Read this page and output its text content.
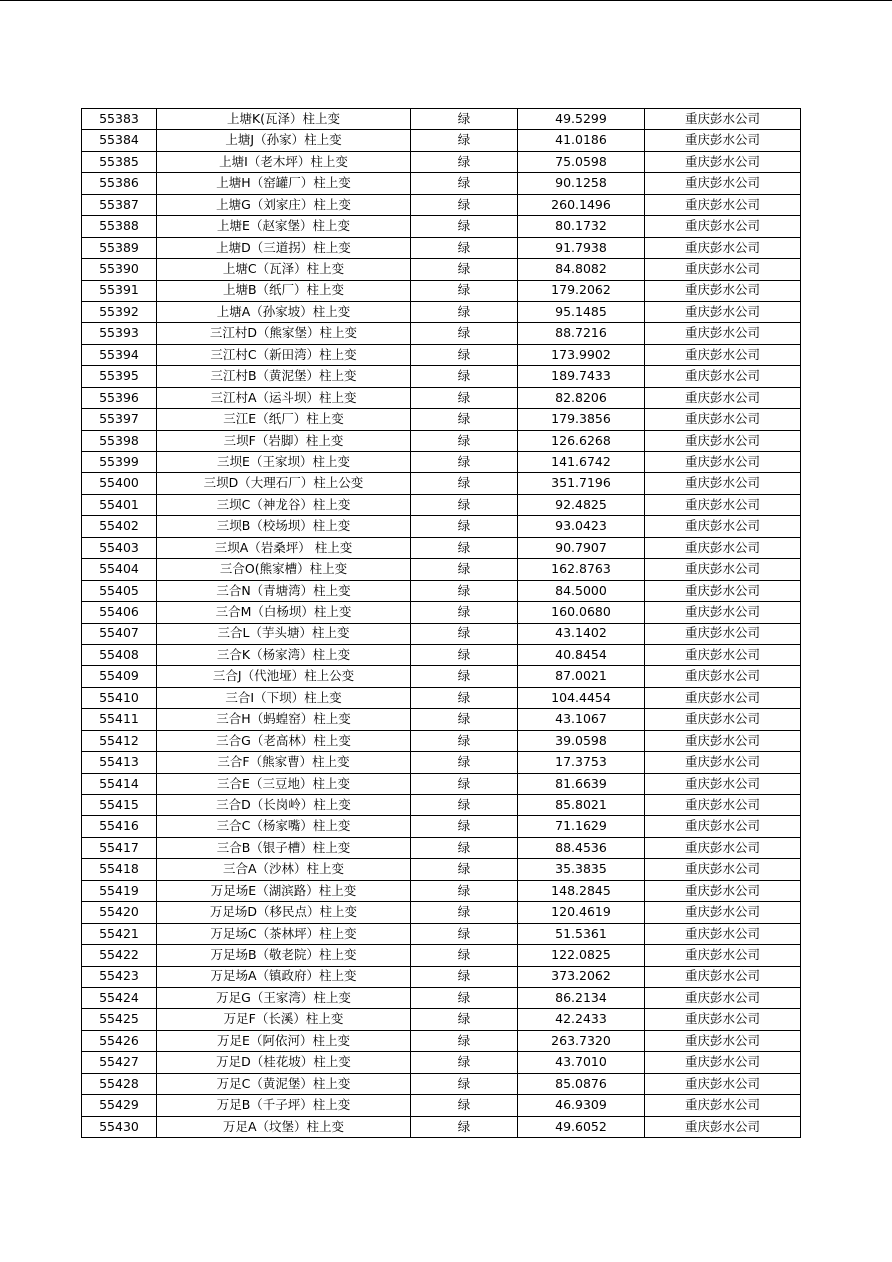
55383	上塘K(瓦泽）柱上变	绿	49.5299	重庆彭水公司
55384	上塘J（孙家）柱上变	绿	41.0186	重庆彭水公司
55385	上塘I（老木坪）柱上变	绿	75.0598	重庆彭水公司
55386	上塘H（窑罐厂）柱上变	绿	90.1258	重庆彭水公司
55387	上塘G（刘家庄）柱上变	绿	260.1496	重庆彭水公司
55388	上塘E（赵家堡）柱上变	绿	80.1732	重庆彭水公司
55389	上塘D（三道拐）柱上变	绿	91.7938	重庆彭水公司
55390	上塘C（瓦泽）柱上变	绿	84.8082	重庆彭水公司
55391	上塘B（纸厂）柱上变	绿	179.2062	重庆彭水公司
55392	上塘A（孙家坡）柱上变	绿	95.1485	重庆彭水公司
55393	三江村D（熊家堡）柱上变	绿	88.7216	重庆彭水公司
55394	三江村C（新田湾）柱上变	绿	173.9902	重庆彭水公司
55395	三江村B（黄泥堡）柱上变	绿	189.7433	重庆彭水公司
55396	三江村A（运斗坝）柱上变	绿	82.8206	重庆彭水公司
55397	三江E（纸厂）柱上变	绿	179.3856	重庆彭水公司
55398	三坝F（岩脚）柱上变	绿	126.6268	重庆彭水公司
55399	三坝E（王家坝）柱上变	绿	141.6742	重庆彭水公司
55400	三坝D（大理石厂）柱上公变	绿	351.7196	重庆彭水公司
55401	三坝C（神龙谷）柱上变	绿	92.4825	重庆彭水公司
55402	三坝B（校场坝）柱上变	绿	93.0423	重庆彭水公司
55403	三坝A（岩桑坪） 柱上变	绿	90.7907	重庆彭水公司
55404	三合O(熊家槽）柱上变	绿	162.8763	重庆彭水公司
55405	三合N（青塘湾）柱上变	绿	84.5000	重庆彭水公司
55406	三合M（白杨坝）柱上变	绿	160.0680	重庆彭水公司
55407	三合L（芋头塘）柱上变	绿	43.1402	重庆彭水公司
55408	三合K（杨家湾）柱上变	绿	40.8454	重庆彭水公司
55409	三合J（代池垭）柱上公变	绿	87.0021	重庆彭水公司
55410	三合I（下坝）柱上变	绿	104.4454	重庆彭水公司
55411	三合H（蚂蝗窑）柱上变	绿	43.1067	重庆彭水公司
55412	三合G（老高林）柱上变	绿	39.0598	重庆彭水公司
55413	三合F（熊家曹）柱上变	绿	17.3753	重庆彭水公司
55414	三合E（三豆地）柱上变	绿	81.6639	重庆彭水公司
55415	三合D（长岗岭）柱上变	绿	85.8021	重庆彭水公司
55416	三合C（杨家嘴）柱上变	绿	71.1629	重庆彭水公司
55417	三合B（银子槽）柱上变	绿	88.4536	重庆彭水公司
55418	三合A（沙林）柱上变	绿	35.3835	重庆彭水公司
55419	万足场E（湖滨路）柱上变	绿	148.2845	重庆彭水公司
55420	万足场D（移民点）柱上变	绿	120.4619	重庆彭水公司
55421	万足场C（茶林坪）柱上变	绿	51.5361	重庆彭水公司
55422	万足场B（敬老院）柱上变	绿	122.0825	重庆彭水公司
55423	万足场A（镇政府）柱上变	绿	373.2062	重庆彭水公司
55424	万足G（王家湾）柱上变	绿	86.2134	重庆彭水公司
55425	万足F（长溪）柱上变	绿	42.2433	重庆彭水公司
55426	万足E（阿依河）柱上变	绿	263.7320	重庆彭水公司
55427	万足D（桂花坡）柱上变	绿	43.7010	重庆彭水公司
55428	万足C（黄泥堡）柱上变	绿	85.0876	重庆彭水公司
55429	万足B（千子坪）柱上变	绿	46.9309	重庆彭水公司
55430	万足A（坟堡）柱上变	绿	49.6052	重庆彭水公司
